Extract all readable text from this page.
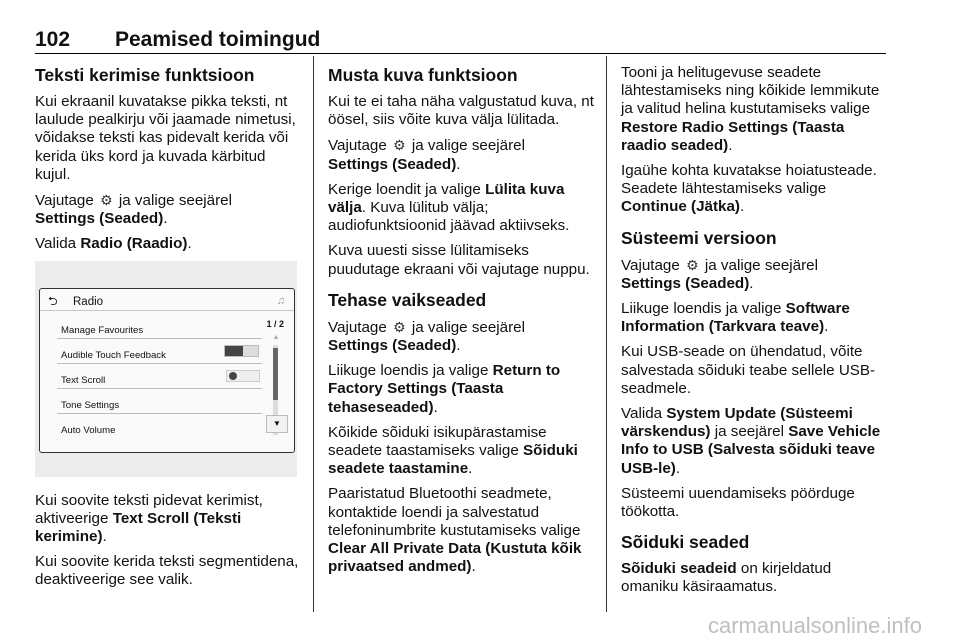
102 Peamised toimingud
Teksti kerimise funktsioon

Kui ekraanil kuvatakse pikka teksti, nt laulude pealkirju või jaamade nimetusi, võidakse teksti kas pidevalt kerida või kerida üks kord ja kuvada kärbitud kujul.

Vajutage ⚙ ja valige seejärel
Settings (Seaded).

Valida Radio (Raadio).

⮌ Radio	♫
Manage Favourites
Audible Touch Feedback
Text Scroll
Tone Settings
Auto Volume
1 / 2
▲
▼

Kui soovite teksti pidevat kerimist, aktiveerige Text Scroll (Teksti kerimine).

Kui soovite kerida teksti segmentidena, deaktiveerige see valik.

Musta kuva funktsioon

Kui te ei taha näha valgustatud kuva, nt öösel, siis võite kuva välja lülitada.

Vajutage ⚙ ja valige seejärel
Settings (Seaded).

Kerige loendit ja valige Lülita kuva välja. Kuva lülitub välja; audiofunktsioonid jäävad aktiivseks.

Kuva uuesti sisse lülitamiseks puudutage ekraani või vajutage nuppu.

Tehase vaikseaded

Vajutage ⚙ ja valige seejärel
Settings (Seaded).

Liikuge loendis ja valige Return to Factory Settings (Taasta tehaseseaded).

Kõikide sõiduki isikupärastamise seadete taastamiseks valige Sõiduki seadete taastamine.

Paaristatud Bluetoothi seadmete, kontaktide loendi ja salvestatud telefoninumbrite kustutamiseks valige Clear All Private Data (Kustuta kõik privaatsed andmed).

Tooni ja helitugevuse seadete lähtestamiseks ning kõikide lemmikute ja valitud helina kustutamiseks valige Restore Radio Settings (Taasta raadio seaded).

Igaühe kohta kuvatakse hoiatusteade. Seadete lähtestamiseks valige Continue (Jätka).

Süsteemi versioon

Vajutage ⚙ ja valige seejärel
Settings (Seaded).

Liikuge loendis ja valige Software Information (Tarkvara teave).

Kui USB-seade on ühendatud, võite salvestada sõiduki teabe sellele USB-seadmele.

Valida System Update (Süsteemi värskendus) ja seejärel Save Vehicle Info to USB (Salvesta sõiduki teave USB-le).

Süsteemi uuendamiseks pöörduge töökotta.

Sõiduki seaded

Sõiduki seadeid on kirjeldatud omaniku käsiraamatus.

carmanualsonline.info
